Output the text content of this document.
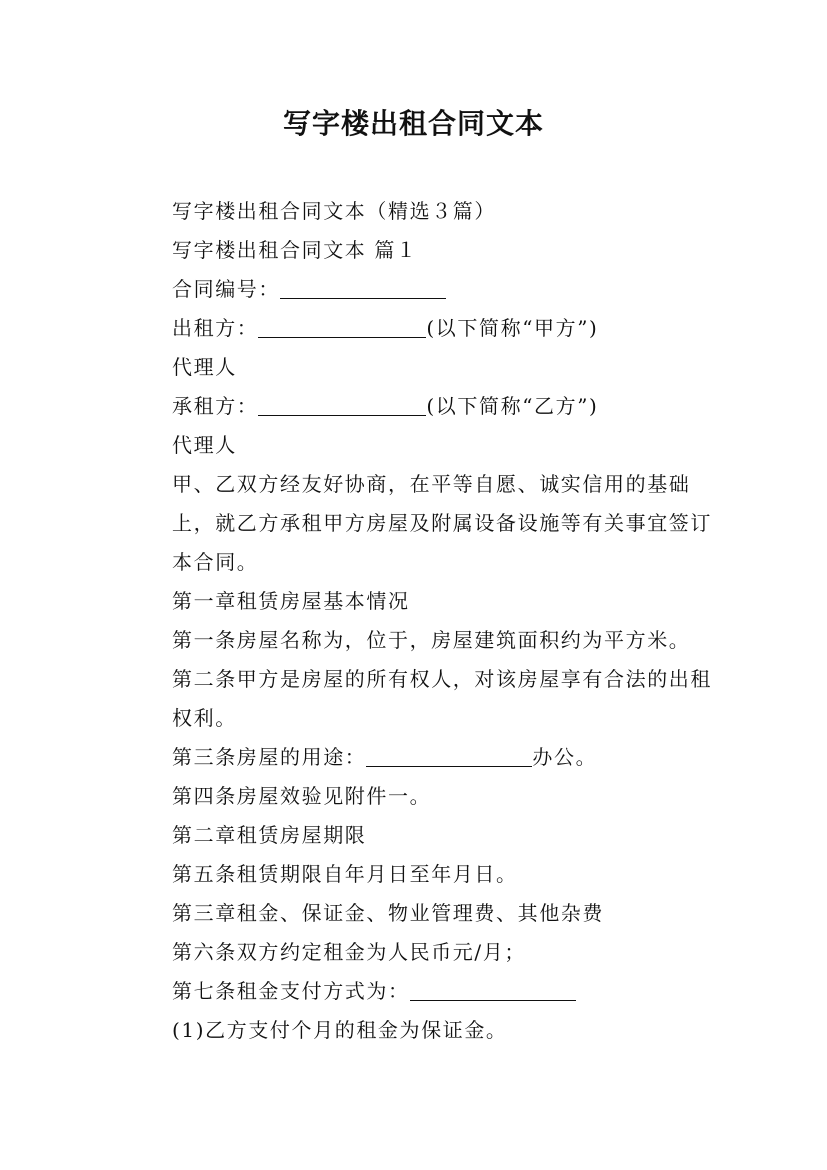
写字楼出租合同文本

写字楼出租合同文本（精选３篇）

写字楼出租合同文本 篇１

合同编号：

出租方：	(以下简称“甲方”)

代理人

承租方：	(以下简称“乙方”)

代理人

甲、乙双方经友好协商，在平等自愿、诚实信用的基础上，就乙方承租甲方房屋及附属设备设施等有关事宜签订本合同。

第一章租赁房屋基本情况

第一条房屋名称为，位于，房屋建筑面积约为平方米。

第二条甲方是房屋的所有权人，对该房屋享有合法的出租权利。

第三条房屋的用途：	办公。

第四条房屋效验见附件一。

第二章租赁房屋期限

第五条租赁期限自年月日至年月日。

第三章租金、保证金、物业管理费、其他杂费

第六条双方约定租金为人民币元/月；

第七条租金支付方式为：

(1)乙方支付个月的租金为保证金。
